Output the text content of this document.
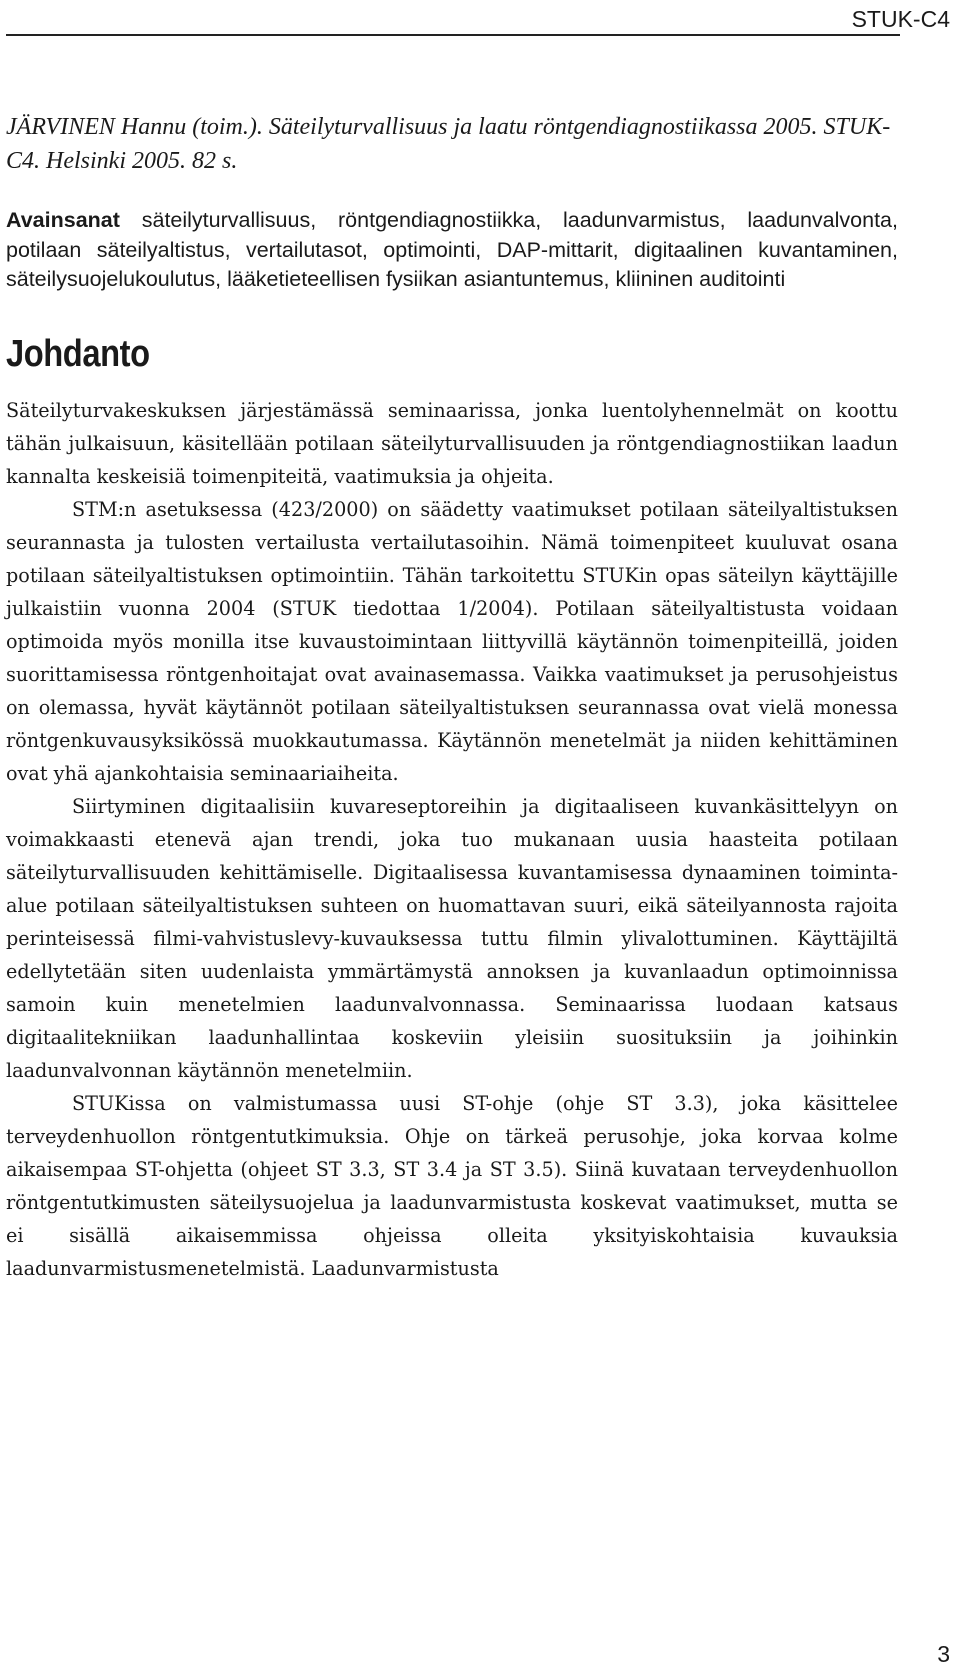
STUK-C4

JÄRVINEN Hannu (toim.). Säteilyturvallisuus ja laatu röntgendiagnostiikassa 2005. STUK-C4. Helsinki 2005. 82 s.

Avainsanat säteilyturvallisuus, röntgendiagnostiikka, laadunvarmistus, laadunvalvonta, potilaan säteilyaltistus, vertailutasot, optimointi, DAP-mittarit, digitaalinen kuvantaminen, säteilysuojelukoulutus, lääketieteellisen fysiikan asiantuntemus, kliininen auditointi

Johdanto

Säteilyturvakeskuksen järjestämässä seminaarissa, jonka luentolyhennelmät on koottu tähän julkaisuun, käsitellään potilaan säteilyturvallisuuden ja röntgendiagnostiikan laadun kannalta keskeisiä toimenpiteitä, vaatimuksia ja ohjeita.

STM:n asetuksessa (423/2000) on säädetty vaatimukset potilaan säteilyaltistuksen seurannasta ja tulosten vertailusta vertailutasoihin. Nämä toimenpiteet kuuluvat osana potilaan säteilyaltistuksen optimointiin. Tähän tarkoitettu STUKin opas säteilyn käyttäjille julkaistiin vuonna 2004 (STUK tiedottaa 1/2004). Potilaan säteilyaltistusta voidaan optimoida myös monilla itse kuvaustoimintaan liittyvillä käytännön toimenpiteillä, joiden suorittamisessa röntgenhoitajat ovat avainasemassa. Vaikka vaatimukset ja perusohjeistus on olemassa, hyvät käytännöt potilaan säteilyaltistuksen seurannassa ovat vielä monessa röntgenkuvausyksikössä muokkautumassa. Käytännön menetelmät ja niiden kehittäminen ovat yhä ajankohtaisia seminaariaiheita.

Siirtyminen digitaalisiin kuvareseptoreihin ja digitaaliseen kuvankäsittelyyn on voimakkaasti etenevä ajan trendi, joka tuo mukanaan uusia haasteita potilaan säteilyturvallisuuden kehittämiselle. Digitaalisessa kuvantamisessa dynaaminen toiminta-alue potilaan säteilyaltistuksen suhteen on huomattavan suuri, eikä säteilyannosta rajoita perinteisessä filmi-vahvistuslevy-kuvauksessa tuttu filmin ylivalottuminen. Käyttäjiltä edellytetään siten uudenlaista ymmärtämystä annoksen ja kuvanlaadun optimoinnissa samoin kuin menetelmien laadunvalvonnassa. Seminaarissa luodaan katsaus digitaalitekniikan laadunhallintaa koskeviin yleisiin suosituksiin ja joihinkin laadunvalvonnan käytännön menetelmiin.

STUKissa on valmistumassa uusi ST-ohje (ohje ST 3.3), joka käsittelee terveydenhuollon röntgentutkimuksia. Ohje on tärkeä perusohje, joka korvaa kolme aikaisempaa ST-ohjetta (ohjeet ST 3.3, ST 3.4 ja ST 3.5). Siinä kuvataan terveydenhuollon röntgentutkimusten säteilysuojelua ja laadunvarmistusta koskevat vaatimukset, mutta se ei sisällä aikaisemmissa ohjeissa olleita yksityiskohtaisia kuvauksia laadunvarmistusmenetelmistä. Laadunvarmistusta

3
